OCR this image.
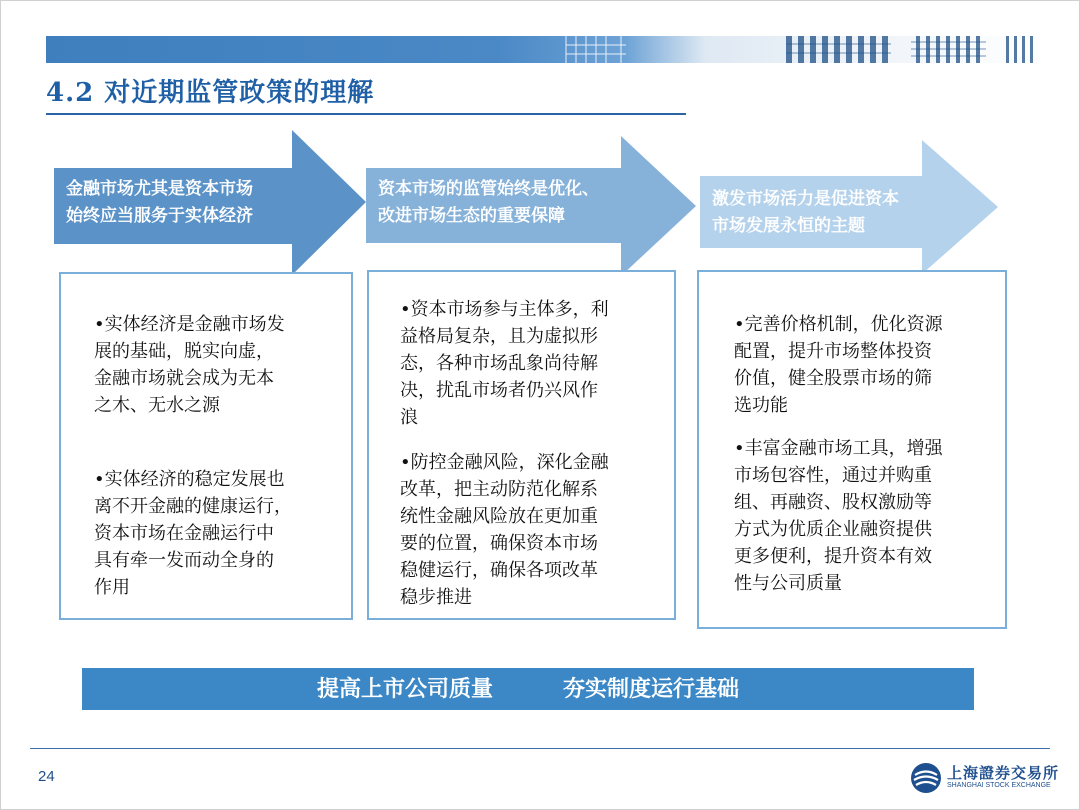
4.2 对近期监管政策的理解
金融市场尤其是资本市场
始终应当服务于实体经济
资本市场的监管始终是优化、
改进市场生态的重要保障
激发市场活力是促进资本
市场发展永恒的主题
•实体经济是金融市场发
展的基础，脱实向虚，
金融市场就会成为无本
之木、无水之源
•实体经济的稳定发展也
离不开金融的健康运行，
资本市场在金融运行中
具有牵一发而动全身的
作用
•资本市场参与主体多，利
益格局复杂，且为虚拟形
态，各种市场乱象尚待解
决，扰乱市场者仍兴风作
浪
•防控金融风险，深化金融
改革，把主动防范化解系
统性金融风险放在更加重
要的位置，确保资本市场
稳健运行，确保各项改革
稳步推进
•完善价格机制，优化资源
配置，提升市场整体投资
价值，健全股票市场的筛
选功能
•丰富金融市场工具，增强
市场包容性，通过并购重
组、再融资、股权激励等
方式为优质企业融资提供
更多便利，提升资本有效
性与公司质量
提高上市公司质量	夯实制度运行基础
24	上海證券交易所
SHANGHAI STOCK EXCHANGE
